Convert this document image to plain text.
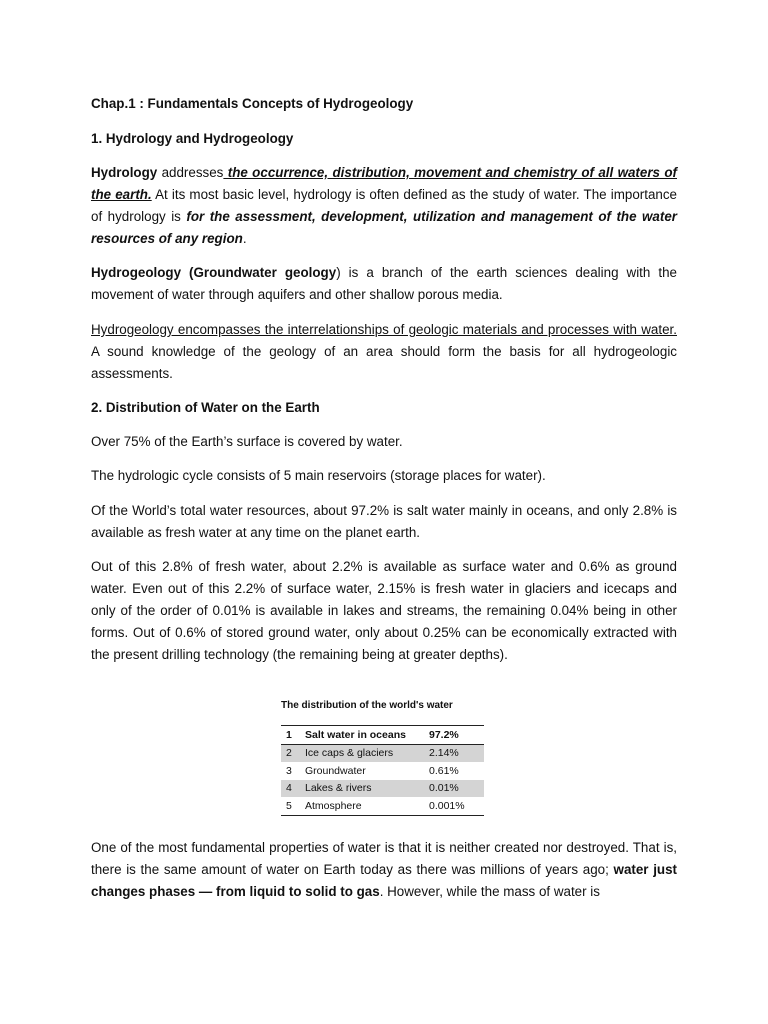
Chap.1 : Fundamentals Concepts of Hydrogeology

1. Hydrology and Hydrogeology

Hydrology addresses the occurrence, distribution, movement and chemistry of all waters of the earth. At its most basic level, hydrology is often defined as the study of water. The importance of hydrology is for the assessment, development, utilization and management of the water resources of any region.

Hydrogeology (Groundwater geology) is a branch of the earth sciences dealing with the movement of water through aquifers and other shallow porous media.

Hydrogeology encompasses the interrelationships of geologic materials and processes with water. A sound knowledge of the geology of an area should form the basis for all hydrogeologic assessments.

2. Distribution of Water on the Earth

Over 75% of the Earth’s surface is covered by water.

The hydrologic cycle consists of 5 main reservoirs (storage places for water).

Of the World’s total water resources, about 97.2% is salt water mainly in oceans, and only 2.8% is available as fresh water at any time on the planet earth.

Out of this 2.8% of fresh water, about 2.2% is available as surface water and 0.6% as ground water. Even out of this 2.2% of surface water, 2.15% is fresh water in glaciers and icecaps and only of the order of 0.01% is available in lakes and streams, the remaining 0.04% being in other forms. Out of 0.6% of stored ground water, only about 0.25% can be economically extracted with the present drilling technology (the remaining being at greater depths).

The distribution of the world's water
1	Salt water in oceans	97.2%
2	Ice caps & glaciers	2.14%
3	Groundwater	0.61%
4	Lakes & rivers	0.01%
5	Atmosphere	0.001%

One of the most fundamental properties of water is that it is neither created nor destroyed. That is, there is the same amount of water on Earth today as there was millions of years ago; water just changes phases — from liquid to solid to gas. However, while the mass of water is
